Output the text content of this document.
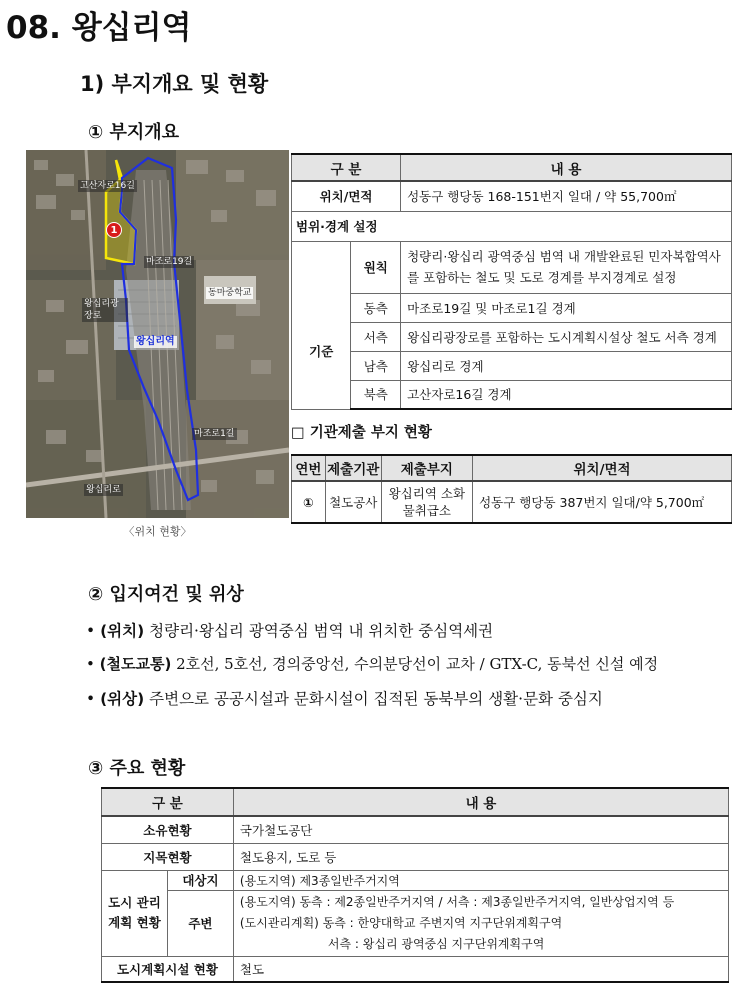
08. 왕십리역
1) 부지개요 및 현황
① 부지개요
고산자로16길
1
마조로19길
동마중학교
왕십리광장로
왕십리역
마조로1길
왕십리로
〈위치 현황〉
구 분		내 용
위치/면적		성동구 행당동 168-151번지 일대 / 약 55,700㎡
범위·경계 설정		
	원칙	청량리·왕십리 광역중심 범역 내 개발완료된 민자복합역사를 포함하는 철도 및 도로 경계를 부지경계로 설정
기준	동측	마조로19길 및 마조로1길 경계
	서측	왕십리광장로를 포함하는 도시계획시설상 철도 서측 경계
	남측	왕십리로 경계
	북측	고산자로16길 경계
□ 기관제출 부지 현황
연번	제출기관	제출부지	위치/면적
①	철도공사	왕십리역 소화물취급소	성동구 행당동 387번지 일대/약 5,700㎡
② 입지여건 및 위상
• (위치) 청량리·왕십리 광역중심 범역 내 위치한 중심역세권
• (철도교통) 2호선, 5호선, 경의중앙선, 수의분당선이 교차 / GTX-C, 동북선 신설 예정
• (위상) 주변으로 공공시설과 문화시설이 집적된 동북부의 생활·문화 중심지
③ 주요 현황
구 분		내 용
소유현황		국가철도공단
지목현황		철도용지, 도로 등
도시 관리계획 현황	대상지	(용도지역) 제3종일반주거지역
	주변	(용도지역) 동측 : 제2종일반주거지역 / 서측 : 제3종일반주거지역, 일반상업지역 등
(도시관리계획) 동측 : 한양대학교 주변지역 지구단위계획구역
서측 : 왕십리 광역중심 지구단위계획구역

도시계획시설 현황		철도
